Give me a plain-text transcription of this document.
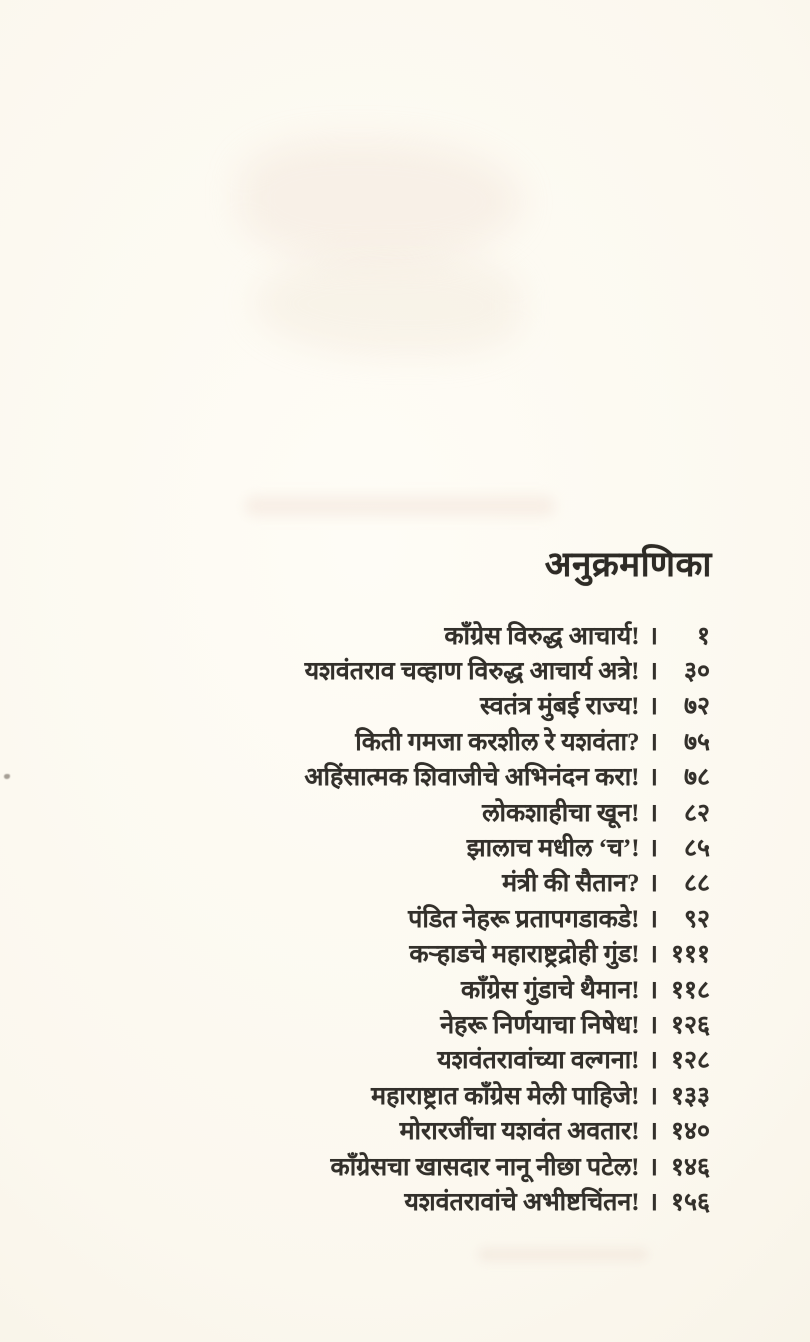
अनुक्रमणिका
काँग्रेस विरुद्ध आचार्य! ।	१
यशवंतराव चव्हाण विरुद्ध आचार्य अत्रे! ।	३०
स्वतंत्र मुंबई राज्य! ।	७२
किती गमजा करशील रे यशवंता? ।	७५
अहिंसात्मक शिवाजीचे अभिनंदन करा! ।	७८
लोकशाहीचा खून! ।	८२
झालाच मधील ‘च’! ।	८५
मंत्री की सैतान? ।	८८
पंडित नेहरू प्रतापगडाकडे! ।	९२
कऱ्हाडचे महाराष्ट्रद्रोही गुंड! । १११
काँग्रेस गुंडाचे थैमान! । ११८
नेहरू निर्णयाचा निषेध! । १२६
यशवंतरावांच्या वल्गना! । १२८
महाराष्ट्रात काँग्रेस मेली पाहिजे! । १३३
मोरारजींचा यशवंत अवतार! । १४०
काँग्रेसचा खासदार नानू नीछा पटेल! । १४६
यशवंतरावांचे अभीष्टचिंतन! । १५६
